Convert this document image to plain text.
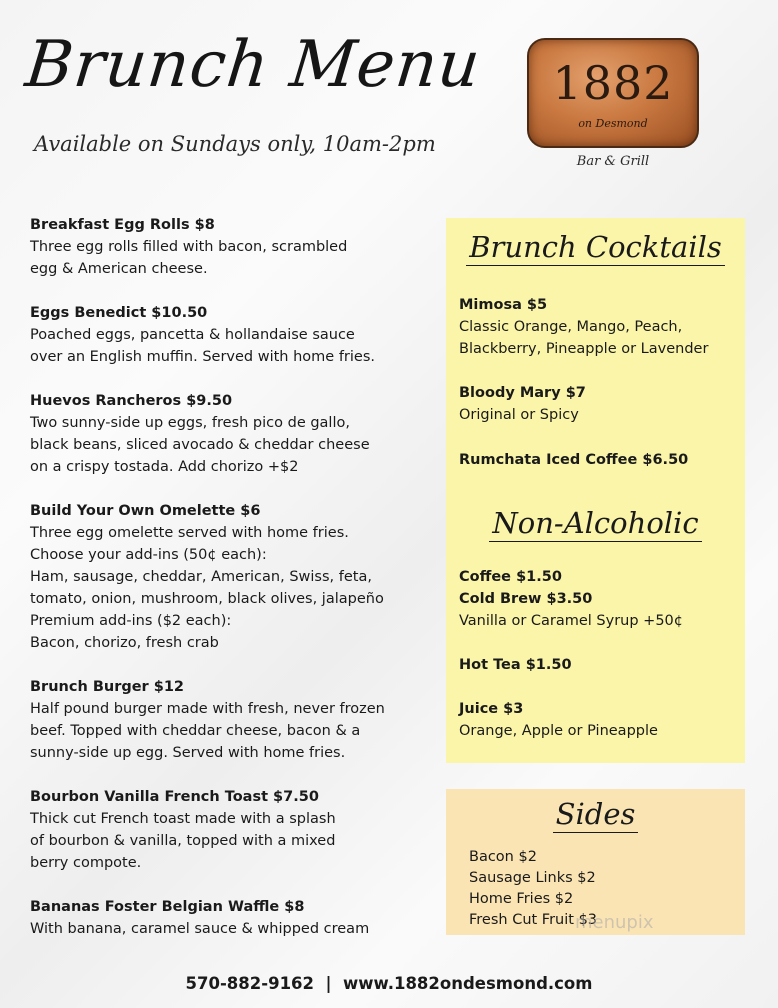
Brunch Menu
Available on Sundays only, 10am-2pm
1882
on Desmond
Bar & Grill
Breakfast Egg Rolls $8
Three egg rolls filled with bacon, scrambled
egg & American cheese.
Eggs Benedict $10.50
Poached eggs, pancetta & hollandaise sauce
over an English muffin. Served with home fries.
Huevos Rancheros $9.50
Two sunny-side up eggs, fresh pico de gallo,
black beans, sliced avocado & cheddar cheese
on a crispy tostada. Add chorizo +$2
Build Your Own Omelette $6
Three egg omelette served with home fries.
Choose your add-ins (50¢ each):
Ham, sausage, cheddar, American, Swiss, feta,
tomato, onion, mushroom, black olives, jalapeño
Premium add-ins ($2 each):
Bacon, chorizo, fresh crab
Brunch Burger $12
Half pound burger made with fresh, never frozen
beef. Topped with cheddar cheese, bacon & a
sunny-side up egg. Served with home fries.
Bourbon Vanilla French Toast $7.50
Thick cut French toast made with a splash
of bourbon & vanilla, topped with a mixed
berry compote.
Bananas Foster Belgian Waffle $8
With banana, caramel sauce & whipped cream
Brunch Cocktails
Mimosa $5
Classic Orange, Mango, Peach,
Blackberry, Pineapple or Lavender
Bloody Mary $7
Original or Spicy
Rumchata Iced Coffee $6.50
Non-Alcoholic
Coffee $1.50
Cold Brew $3.50
Vanilla or Caramel Syrup +50¢
Hot Tea $1.50
Juice $3
Orange, Apple or Pineapple
Sides
Bacon $2
Sausage Links $2
Home Fries $2
Fresh Cut Fruit $3
menupix
570-882-9162  |  www.1882ondesmond.com
